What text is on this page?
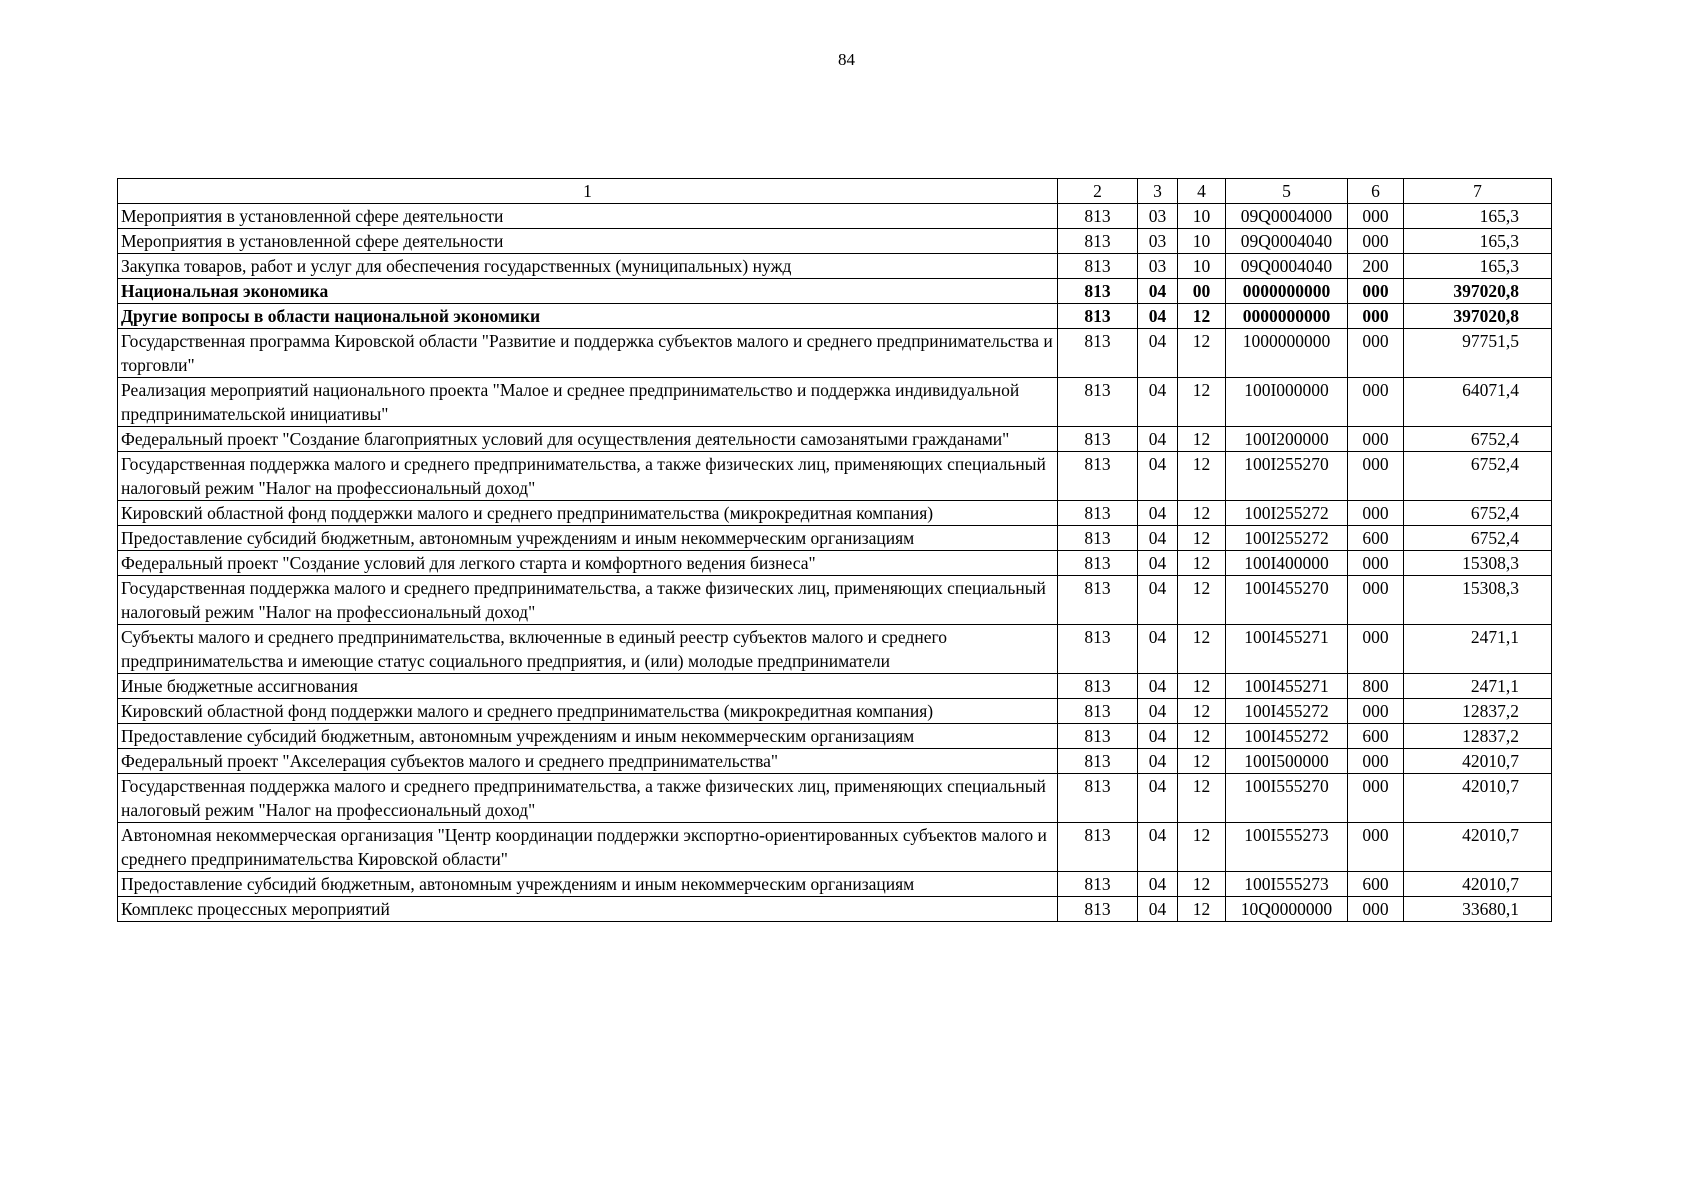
84
1	2	3	4	5	6	7
Мероприятия в установленной сфере деятельности	813	03	10	09Q0004000	000	165,3
Мероприятия в установленной сфере деятельности	813	03	10	09Q0004040	000	165,3
Закупка товаров, работ и услуг для обеспечения государственных (муниципальных) нужд	813	03	10	09Q0004040	200	165,3
Национальная экономика	813	04	00	0000000000	000	397020,8
Другие вопросы в области национальной экономики	813	04	12	0000000000	000	397020,8
Государственная программа Кировской области "Развитие и поддержка субъектов малого и среднего предпринимательства и торговли"	813	04	12	1000000000	000	97751,5
Реализация мероприятий национального проекта "Малое и среднее предпринимательство и поддержка индивидуальной предпринимательской инициативы"	813	04	12	100I000000	000	64071,4
Федеральный проект "Создание благоприятных условий для осуществления деятельности самозанятыми гражданами"	813	04	12	100I200000	000	6752,4
Государственная поддержка малого и среднего предпринимательства, а также физических лиц, применяющих специальный налоговый режим "Налог на профессиональный доход"	813	04	12	100I255270	000	6752,4
Кировский областной фонд поддержки малого и среднего предпринимательства (микрокредитная компания)	813	04	12	100I255272	000	6752,4
Предоставление субсидий бюджетным, автономным учреждениям и иным некоммерческим организациям	813	04	12	100I255272	600	6752,4
Федеральный проект "Создание условий для легкого старта и комфортного ведения бизнеса"	813	04	12	100I400000	000	15308,3
Государственная поддержка малого и среднего предпринимательства, а также физических лиц, применяющих специальный налоговый режим "Налог на профессиональный доход"	813	04	12	100I455270	000	15308,3
Субъекты малого и среднего предпринимательства, включенные в единый реестр субъектов малого и среднего предпринимательства и имеющие статус социального предприятия, и (или) молодые предприниматели	813	04	12	100I455271	000	2471,1
Иные бюджетные ассигнования	813	04	12	100I455271	800	2471,1
Кировский областной фонд поддержки малого и среднего предпринимательства (микрокредитная компания)	813	04	12	100I455272	000	12837,2
Предоставление субсидий бюджетным, автономным учреждениям и иным некоммерческим организациям	813	04	12	100I455272	600	12837,2
Федеральный проект "Акселерация субъектов малого и среднего предпринимательства"	813	04	12	100I500000	000	42010,7
Государственная поддержка малого и среднего предпринимательства, а также физических лиц, применяющих специальный налоговый режим "Налог на профессиональный доход"	813	04	12	100I555270	000	42010,7
Автономная некоммерческая организация "Центр координации поддержки экспортно-ориентированных субъектов малого и среднего предпринимательства Кировской области"	813	04	12	100I555273	000	42010,7
Предоставление субсидий бюджетным, автономным учреждениям и иным некоммерческим организациям	813	04	12	100I555273	600	42010,7
Комплекс процессных мероприятий	813	04	12	10Q0000000	000	33680,1
